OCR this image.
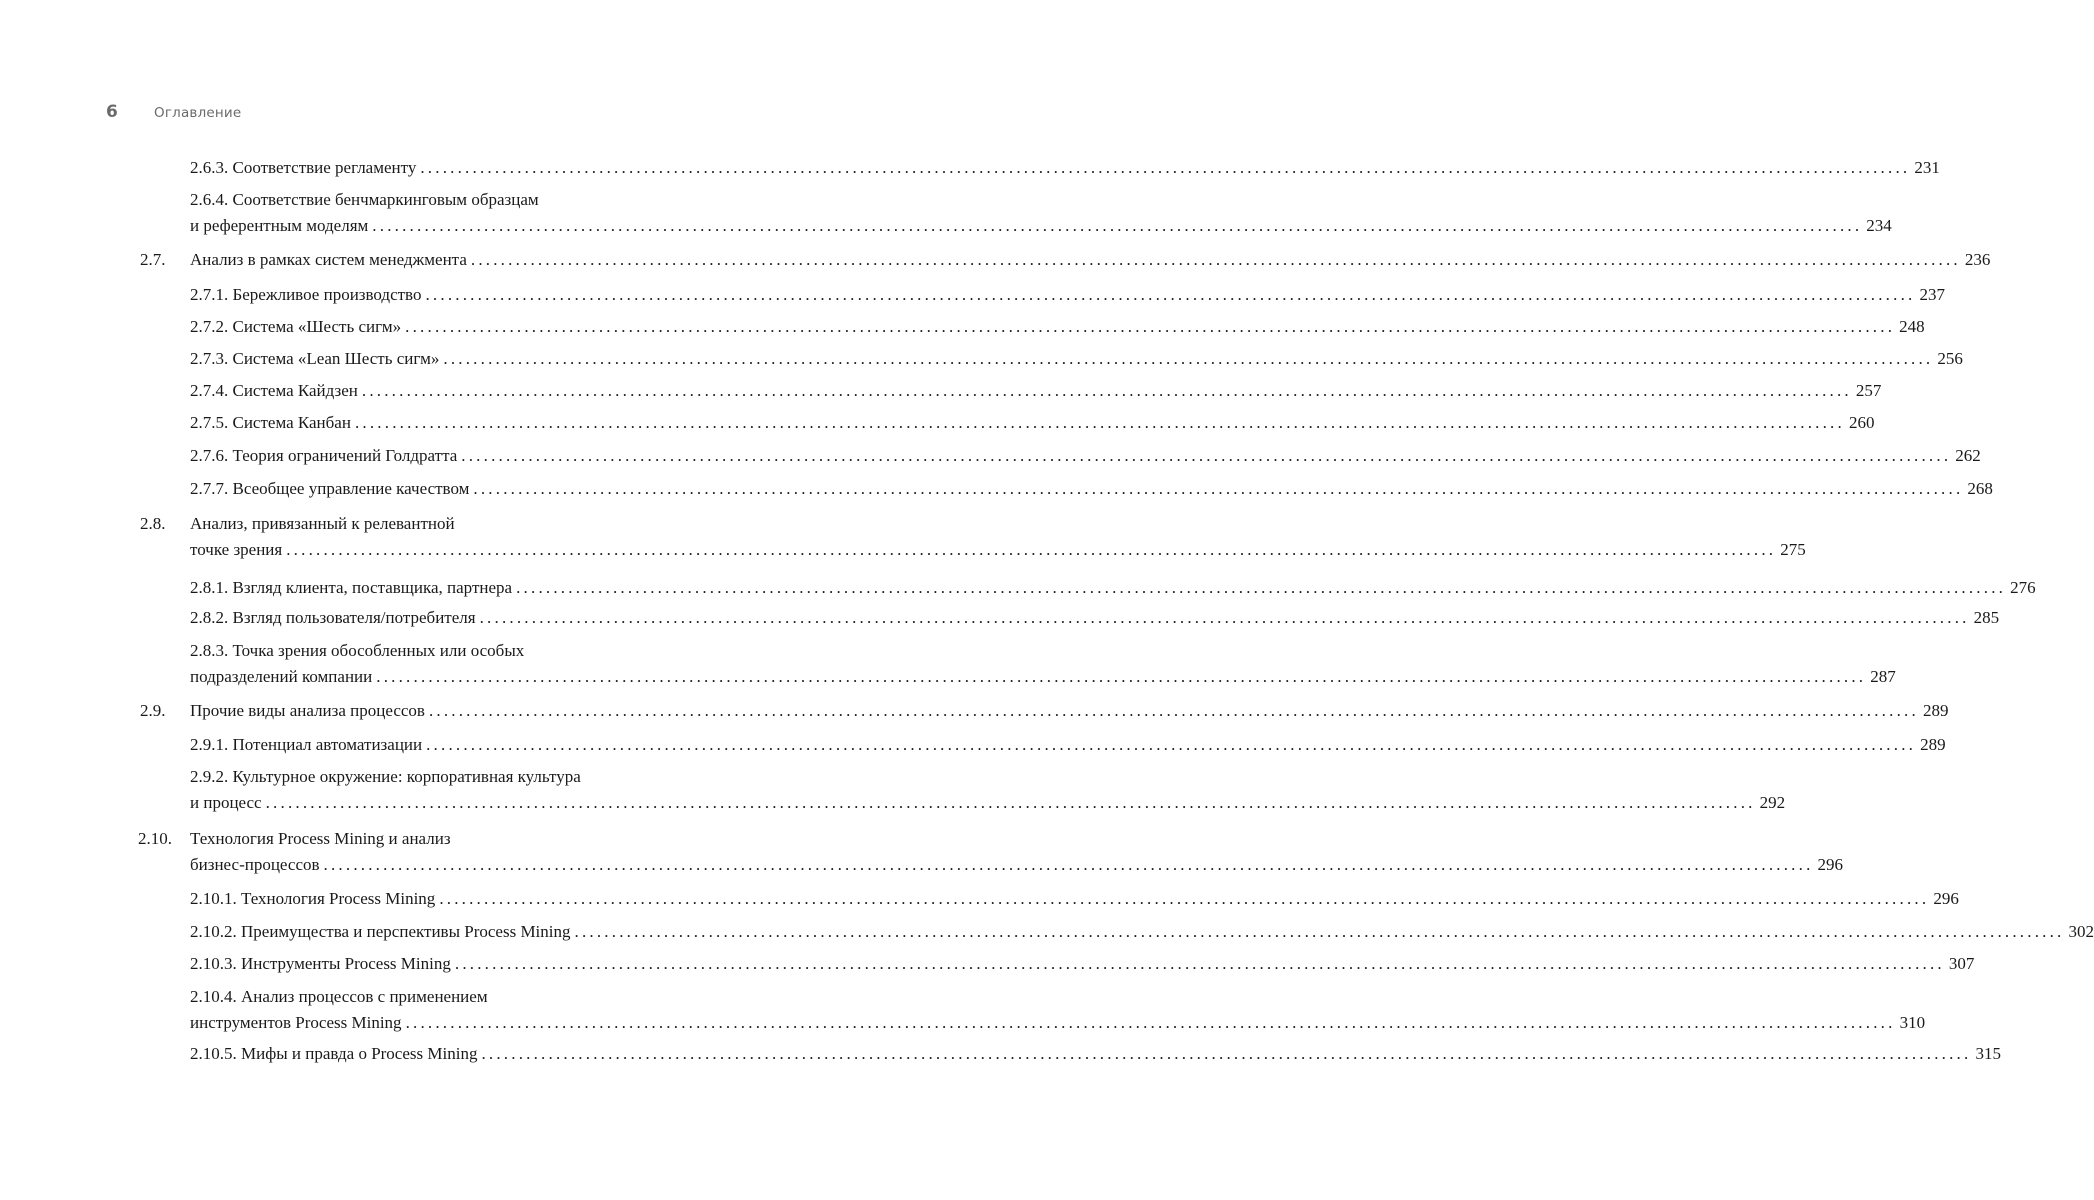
6	Оглавление
2.6.3. Соответствие регламенту ........................................................................................................................................................................................................ 231
2.6.4. Соответствие бенчмаркинговым образцам
и референтным моделям ........................................................................................................................................................................................................ 234
2.7. Анализ в рамках систем менеджмента ........................................................................................................................................................................................................ 236
2.7.1. Бережливое производство ........................................................................................................................................................................................................ 237
2.7.2. Система «Шесть сигм» ........................................................................................................................................................................................................ 248
2.7.3. Система «Lean Шесть сигм» ........................................................................................................................................................................................................ 256
2.7.4. Система Кайдзен ........................................................................................................................................................................................................ 257
2.7.5. Система Канбан ........................................................................................................................................................................................................ 260
2.7.6. Теория ограничений Голдратта ........................................................................................................................................................................................................ 262
2.7.7. Всеобщее управление качеством ........................................................................................................................................................................................................ 268
2.8. Анализ, привязанный к релевантной
точке зрения ........................................................................................................................................................................................................ 275
2.8.1. Взгляд клиента, поставщика, партнера ........................................................................................................................................................................................................ 276
2.8.2. Взгляд пользователя/потребителя ........................................................................................................................................................................................................ 285
2.8.3. Точка зрения обособленных или особых
подразделений компании ........................................................................................................................................................................................................ 287
2.9. Прочие виды анализа процессов ........................................................................................................................................................................................................ 289
2.9.1. Потенциал автоматизации ........................................................................................................................................................................................................ 289
2.9.2. Культурное окружение: корпоративная культура
и процесс ........................................................................................................................................................................................................ 292
2.10. Технология Process Mining и анализ
бизнес-процессов ........................................................................................................................................................................................................ 296
2.10.1. Технология Process Mining ........................................................................................................................................................................................................ 296
2.10.2. Преимущества и перспективы Process Mining ........................................................................................................................................................................................................ 302
2.10.3. Инструменты Process Mining ........................................................................................................................................................................................................ 307
2.10.4. Анализ процессов с применением
инструментов Process Mining ........................................................................................................................................................................................................ 310
2.10.5. Мифы и правда о Process Mining ........................................................................................................................................................................................................ 315
